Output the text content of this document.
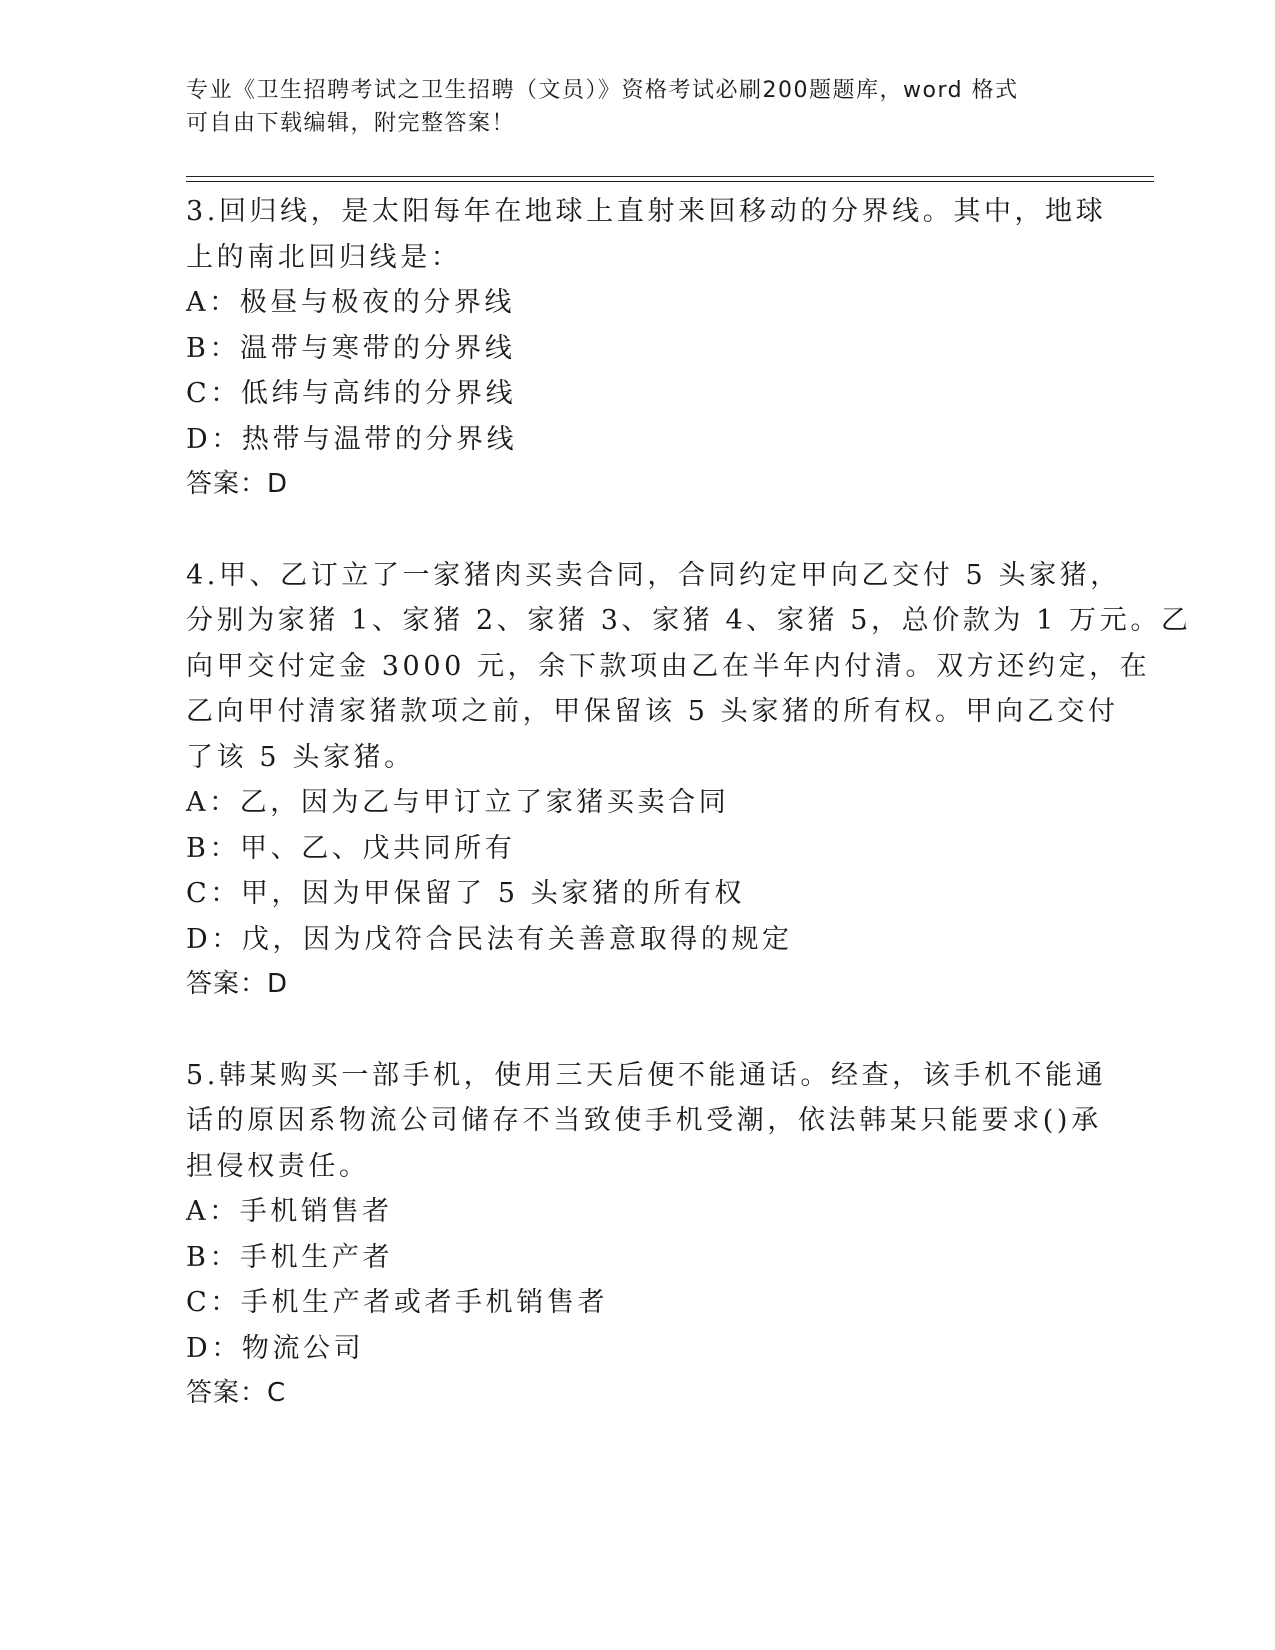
专业《卫生招聘考试之卫生招聘（文员）》资格考试必刷200题题库，word 格式
可自由下载编辑，附完整答案！
3.回归线，是太阳每年在地球上直射来回移动的分界线。其中，地球
上的南北回归线是：
A：极昼与极夜的分界线
B：温带与寒带的分界线
C：低纬与高纬的分界线
D：热带与温带的分界线
答案：D
4.甲、乙订立了一家猪肉买卖合同，合同约定甲向乙交付 5 头家猪，
分别为家猪 1、家猪 2、家猪 3、家猪 4、家猪 5，总价款为 1 万元。乙
向甲交付定金 3000 元，余下款项由乙在半年内付清。双方还约定，在
乙向甲付清家猪款项之前，甲保留该 5 头家猪的所有权。甲向乙交付
了该 5 头家猪。
A：乙，因为乙与甲订立了家猪买卖合同
B：甲、乙、戊共同所有
C：甲，因为甲保留了 5 头家猪的所有权
D：戊，因为戊符合民法有关善意取得的规定
答案：D
5.韩某购买一部手机，使用三天后便不能通话。经查，该手机不能通
话的原因系物流公司储存不当致使手机受潮，依法韩某只能要求()承
担侵权责任。
A：手机销售者
B：手机生产者
C：手机生产者或者手机销售者
D：物流公司
答案：C
